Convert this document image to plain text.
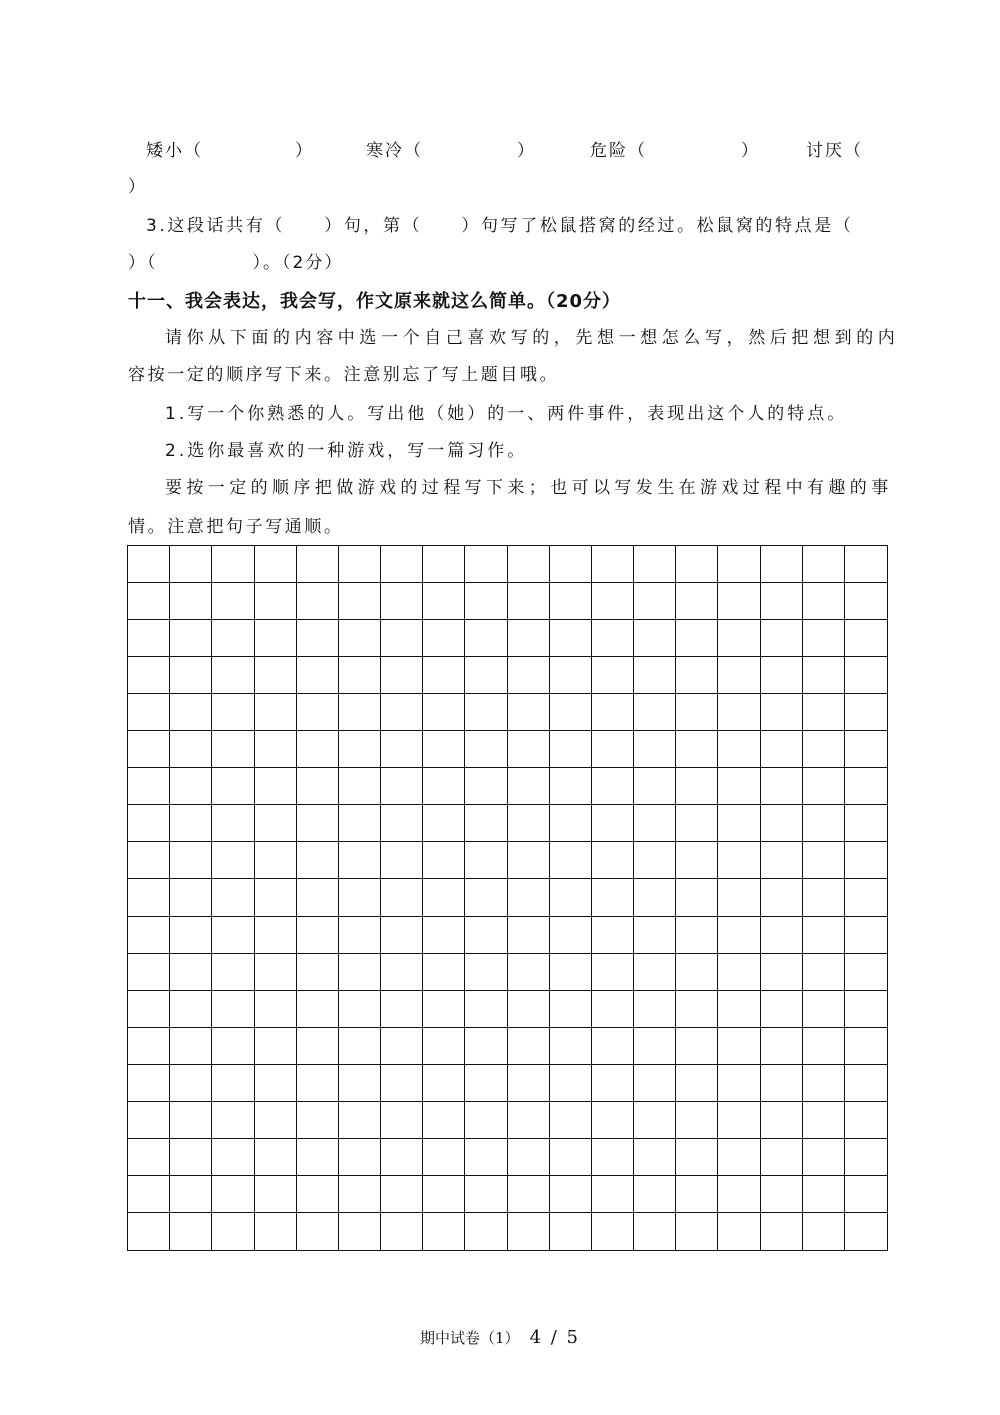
矮小（	）	寒冷（	）	危险（	）	讨厌（
）
3.这段话共有（　　）句，第（　　）句写了松鼠搭窝的经过。松鼠窝的特点是（
）（　　　　　）。（2分）
十一、我会表达，我会写，作文原来就这么简单。（20分）
请你从下面的内容中选一个自己喜欢写的，先想一想怎么写，然后把想到的内
容按一定的顺序写下来。注意别忘了写上题目哦。
1.写一个你熟悉的人。写出他（她）的一、两件事件，表现出这个人的特点。
2.选你最喜欢的一种游戏，写一篇习作。
要按一定的顺序把做游戏的过程写下来；也可以写发生在游戏过程中有趣的事
情。注意把句子写通顺。
期中试卷（1） 4 / 5
